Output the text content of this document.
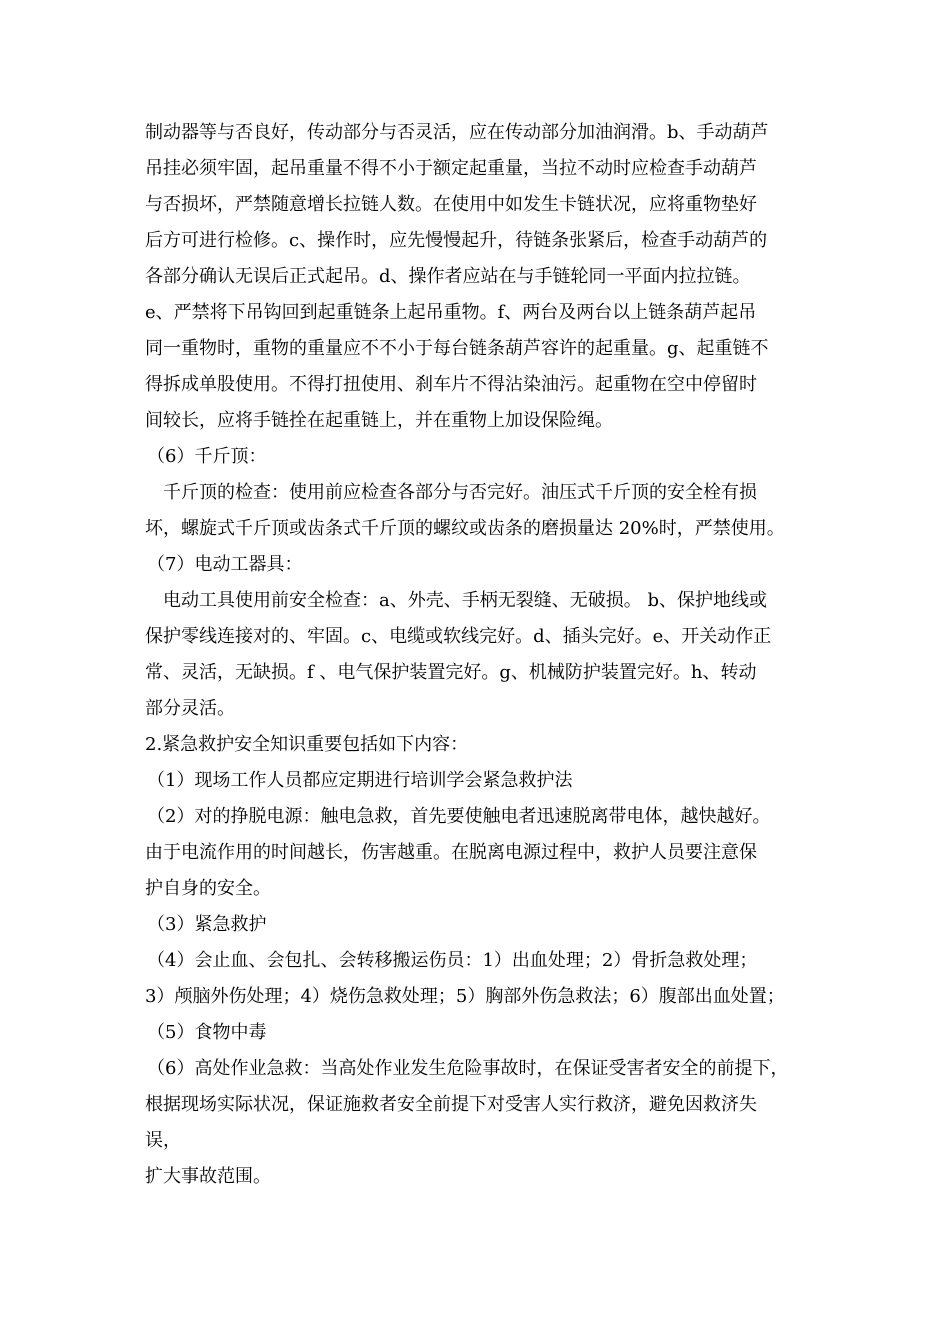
制动器等与否良好，传动部分与否灵活，应在传动部分加油润滑。b、手动葫芦
吊挂必须牢固，起吊重量不得不小于额定起重量，当拉不动时应检查手动葫芦
与否损坏，严禁随意增长拉链人数。在使用中如发生卡链状况，应将重物垫好
后方可进行检修。c、操作时，应先慢慢起升，待链条张紧后，检查手动葫芦的
各部分确认无误后正式起吊。d、操作者应站在与手链轮同一平面内拉拉链。
e、严禁将下吊钩回到起重链条上起吊重物。f、两台及两台以上链条葫芦起吊
同一重物时，重物的重量应不不小于每台链条葫芦容许的起重量。g、起重链不
得拆成单股使用。不得打扭使用、刹车片不得沾染油污。起重物在空中停留时
间较长，应将手链拴在起重链上，并在重物上加设保险绳。
（6）千斤顶：
千斤顶的检查：使用前应检查各部分与否完好。油压式千斤顶的安全栓有损
坏，螺旋式千斤顶或齿条式千斤顶的螺纹或齿条的磨损量达 20%时，严禁使用。
（7）电动工器具：
电动工具使用前安全检查：a、外壳、手柄无裂缝、无破损。 b、保护地线或
保护零线连接对的、牢固。c、电缆或软线完好。d、插头完好。e、开关动作正
常、灵活，无缺损。f 、电气保护装置完好。g、机械防护装置完好。h、转动
部分灵活。
2.紧急救护安全知识重要包括如下内容：
（1）现场工作人员都应定期进行培训学会紧急救护法
（2）对的挣脱电源：触电急救，首先要使触电者迅速脱离带电体，越快越好。
由于电流作用的时间越长，伤害越重。在脱离电源过程中，救护人员要注意保
护自身的安全。
（3）紧急救护
（4）会止血、会包扎、会转移搬运伤员：1）出血处理；2）骨折急救处理；
3）颅脑外伤处理；4）烧伤急救处理；5）胸部外伤急救法；6）腹部出血处置；
（5）食物中毒
（6）高处作业急救：当高处作业发生危险事故时，在保证受害者安全的前提下，
根据现场实际状况，保证施救者安全前提下对受害人实行救济，避免因救济失
误，
扩大事故范围。
